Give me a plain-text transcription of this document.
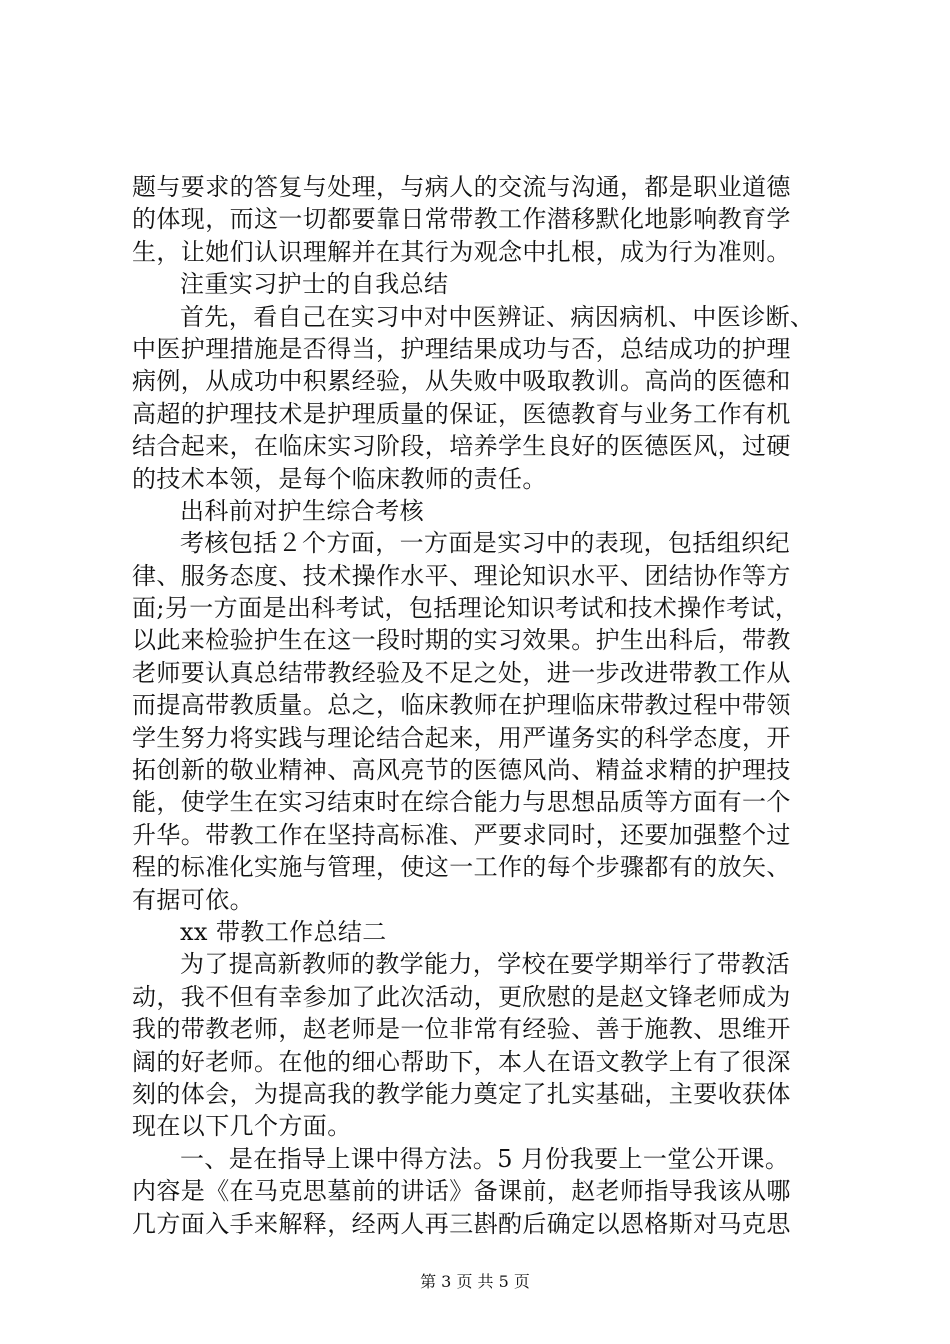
题与要求的答复与处理，与病人的交流与沟通，都是职业道德
的体现，而这一切都要靠日常带教工作潜移默化地影响教育学
生，让她们认识理解并在其行为观念中扎根，成为行为准则。
注重实习护士的自我总结
首先，看自己在实习中对中医辨证、病因病机、中医诊断、
中医护理措施是否得当，护理结果成功与否，总结成功的护理
病例，从成功中积累经验，从失败中吸取教训。高尚的医德和
高超的护理技术是护理质量的保证，医德教育与业务工作有机
结合起来，在临床实习阶段，培养学生良好的医德医风，过硬
的技术本领，是每个临床教师的责任。
出科前对护生综合考核
考核包括２个方面，一方面是实习中的表现，包括组织纪
律、服务态度、技术操作水平、理论知识水平、团结协作等方
面;另一方面是出科考试，包括理论知识考试和技术操作考试，
以此来检验护生在这一段时期的实习效果。护生出科后，带教
老师要认真总结带教经验及不足之处，进一步改进带教工作从
而提高带教质量。总之，临床教师在护理临床带教过程中带领
学生努力将实践与理论结合起来，用严谨务实的科学态度，开
拓创新的敬业精神、高风亮节的医德风尚、精益求精的护理技
能，使学生在实习结束时在综合能力与思想品质等方面有一个
升华。带教工作在坚持高标准、严要求同时，还要加强整个过
程的标准化实施与管理，使这一工作的每个步骤都有的放矢、
有据可依。
xx 带教工作总结二
为了提高新教师的教学能力，学校在要学期举行了带教活
动，我不但有幸参加了此次活动，更欣慰的是赵文锋老师成为
我的带教老师，赵老师是一位非常有经验、善于施教、思维开
阔的好老师。在他的细心帮助下，本人在语文教学上有了很深
刻的体会，为提高我的教学能力奠定了扎实基础，主要收获体
现在以下几个方面。
一、是在指导上课中得方法。5 月份我要上一堂公开课。
内容是《在马克思墓前的讲话》备课前，赵老师指导我该从哪
几方面入手来解释，经两人再三斟酌后确定以恩格斯对马克思
第 3 页 共 5 页
